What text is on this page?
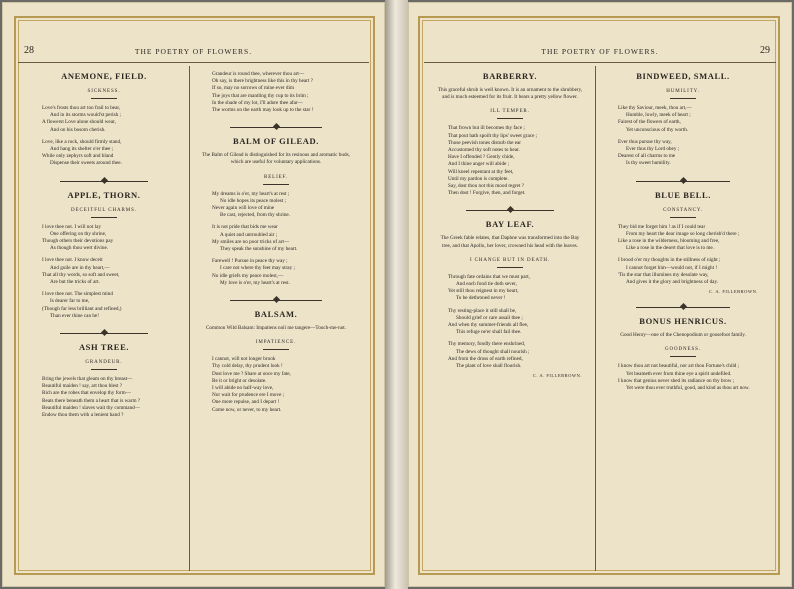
28	THE POETRY OF FLOWERS.
ANEMONE, FIELD.
SICKNESS.
Love's frosts thou art too frail to bear,
And in its storms would'st perish ;
A flowerst Love alone should wear,
And on his bosom cherish.
Love, like a rock, should firmly stand,
And hang its shelter o'er thee ;
While only zephyrs soft and bland
Dispense their sweets around thee.
APPLE, THORN.
DECEITFUL CHARMS.
I love thee not. I will not lay
One offering on thy shrine,
Though others their devotions pay
As though thou wert divine.
I love thee not. I know deceit
And guile are in thy heart,—
That all thy words, so soft and sweet,
Are but the tricks of art.
I love thee not. The simplest mind
Is dearer far to me,
(Though far less brilliant and refined,)
Than ever thine can be!
ASH TREE.
GRANDEUR.
Bring the jewels that gleam on thy breast—
Beautiful maiden ! say, art thou blest ?
Rich are the robes that envelop thy form—
Beats there beneath them a heart that is warm ?
Beautiful maiden ! slaves wait thy command—
Endow thou them with a lenient hand ?
Grandeur is round thee, wherever thou art—
Oh say, is there brightness like this in thy heart ?
If so, may no sorrows of mine ever dim
The joys that are mantling thy cup to its brim ;
In the shade of my lot, I'll adore thee afar—
The worms on the earth may look up to the star !
BALM OF GILEAD.

The Balm of Gilead is distinguished for its resinous and aromatic buds, which are useful for voluntary applications.

RELIEF.
My dreams is o'er, my heart's at rest ;
No idle hopes its peace molest ;
Never again will love of mine
Be cast, rejected, from thy shrine.
It is not pride that bids me wear
A quiet and untroubled air ;
My smiles are no poor tricks of art—
They speak the sunshine of my heart.
Farewell ! Pursue in peace thy way ;
I care not where thy feet may stray ;
No idle griefs my peace molest,—
My love is o'er, my heart's at rest.
BALSAM.

Common Wild Balsam: Impatiens noli me tangere—Touch-me-not.

IMPATIENCE.
I cannot, will not longer brook
Thy cold delay, thy prudent look !
Dost love me ? Share at once my fate,
Be it or bright or desolate.
I will abide no half-way love,
Nor wait for prudence ere I move ;
One more repulse, and I depart !
Come now, or never, to my heart.
29
THE POETRY OF FLOWERS.
BARBERRY.

This graceful shrub is well known. It is an ornament to the shrubbery, and is much esteemed for its fruit. It bears a pretty yellow flower.

ILL TEMPER.
That frown but ill becomes thy face ;
That pout hath spoilt thy lips' sweet grace ;
Those peevish tones disturb the ear
Accustomed thy soft notes to hear.
Have I offended ? Gently chide,
And I thine anger will abide ;
Will kneel repentant at thy feet,
Until my pardon is complete.
Say, dost thou not this mood regret ?
Then dost ! Forgive, then, and forget.
BAY LEAF.

The Greek fable relates, that Daphne was transformed into the Bay tree, and that Apollo, her lover, crowned his head with the leaves.

I CHANGE BUT IN DEATH.
Through fate ordains that we must part,
And each fond tie doth sever,
Yet still thou reignest in my heart,
To be dethroned never !
Thy resting-place it still shall be,
Should grief or care assail thee ;
And when thy summer-friends all flee,
This refuge ne'er shall fail thee.
Thy memory, fondly there enshrined,
The dews of thought shall nourish ;
And from the dross of earth refined,
The plant of love shall flourish.
C. A. FILLEBROWN.
BINDWEED, SMALL.
HUMILITY.
Like thy Saviour, meek, thou art,—
Humble, lowly, meek of heart ;
Fairest of the flowers of earth,
Yet unconscious of thy worth.
Ever thus pursue thy way,
Ever thus thy Lord obey ;
Dearest of all charms to me
Is thy sweet humility.
BLUE BELL.
CONSTANCY.
They bid me forget him ! as if I could tear
From my heart the dear image so long cherish'd there ;
Like a rose in the wilderness, blooming and free,
Like a rose in the desert that love is to me.
I brood o'er my thoughts in the stillness of night ;
I cannot forget him—would not, if I might !
'Tis the star that illumines my desolate way,
And gives it the glory and brightness of day.
C. A. FILLEBROWN.
BONUS HENRICUS.

Good Henry—one of the Chenopodium or goosefoot family.

GOODNESS.
I know thou art not beautiful, nor art thou Fortune's child ;
Yet beameth ever from thine eye a spirit undefiled.
I know that genius never shed its radiance on thy brow ;
Yet were thou ever truthful, good, and kind as thou art now.
